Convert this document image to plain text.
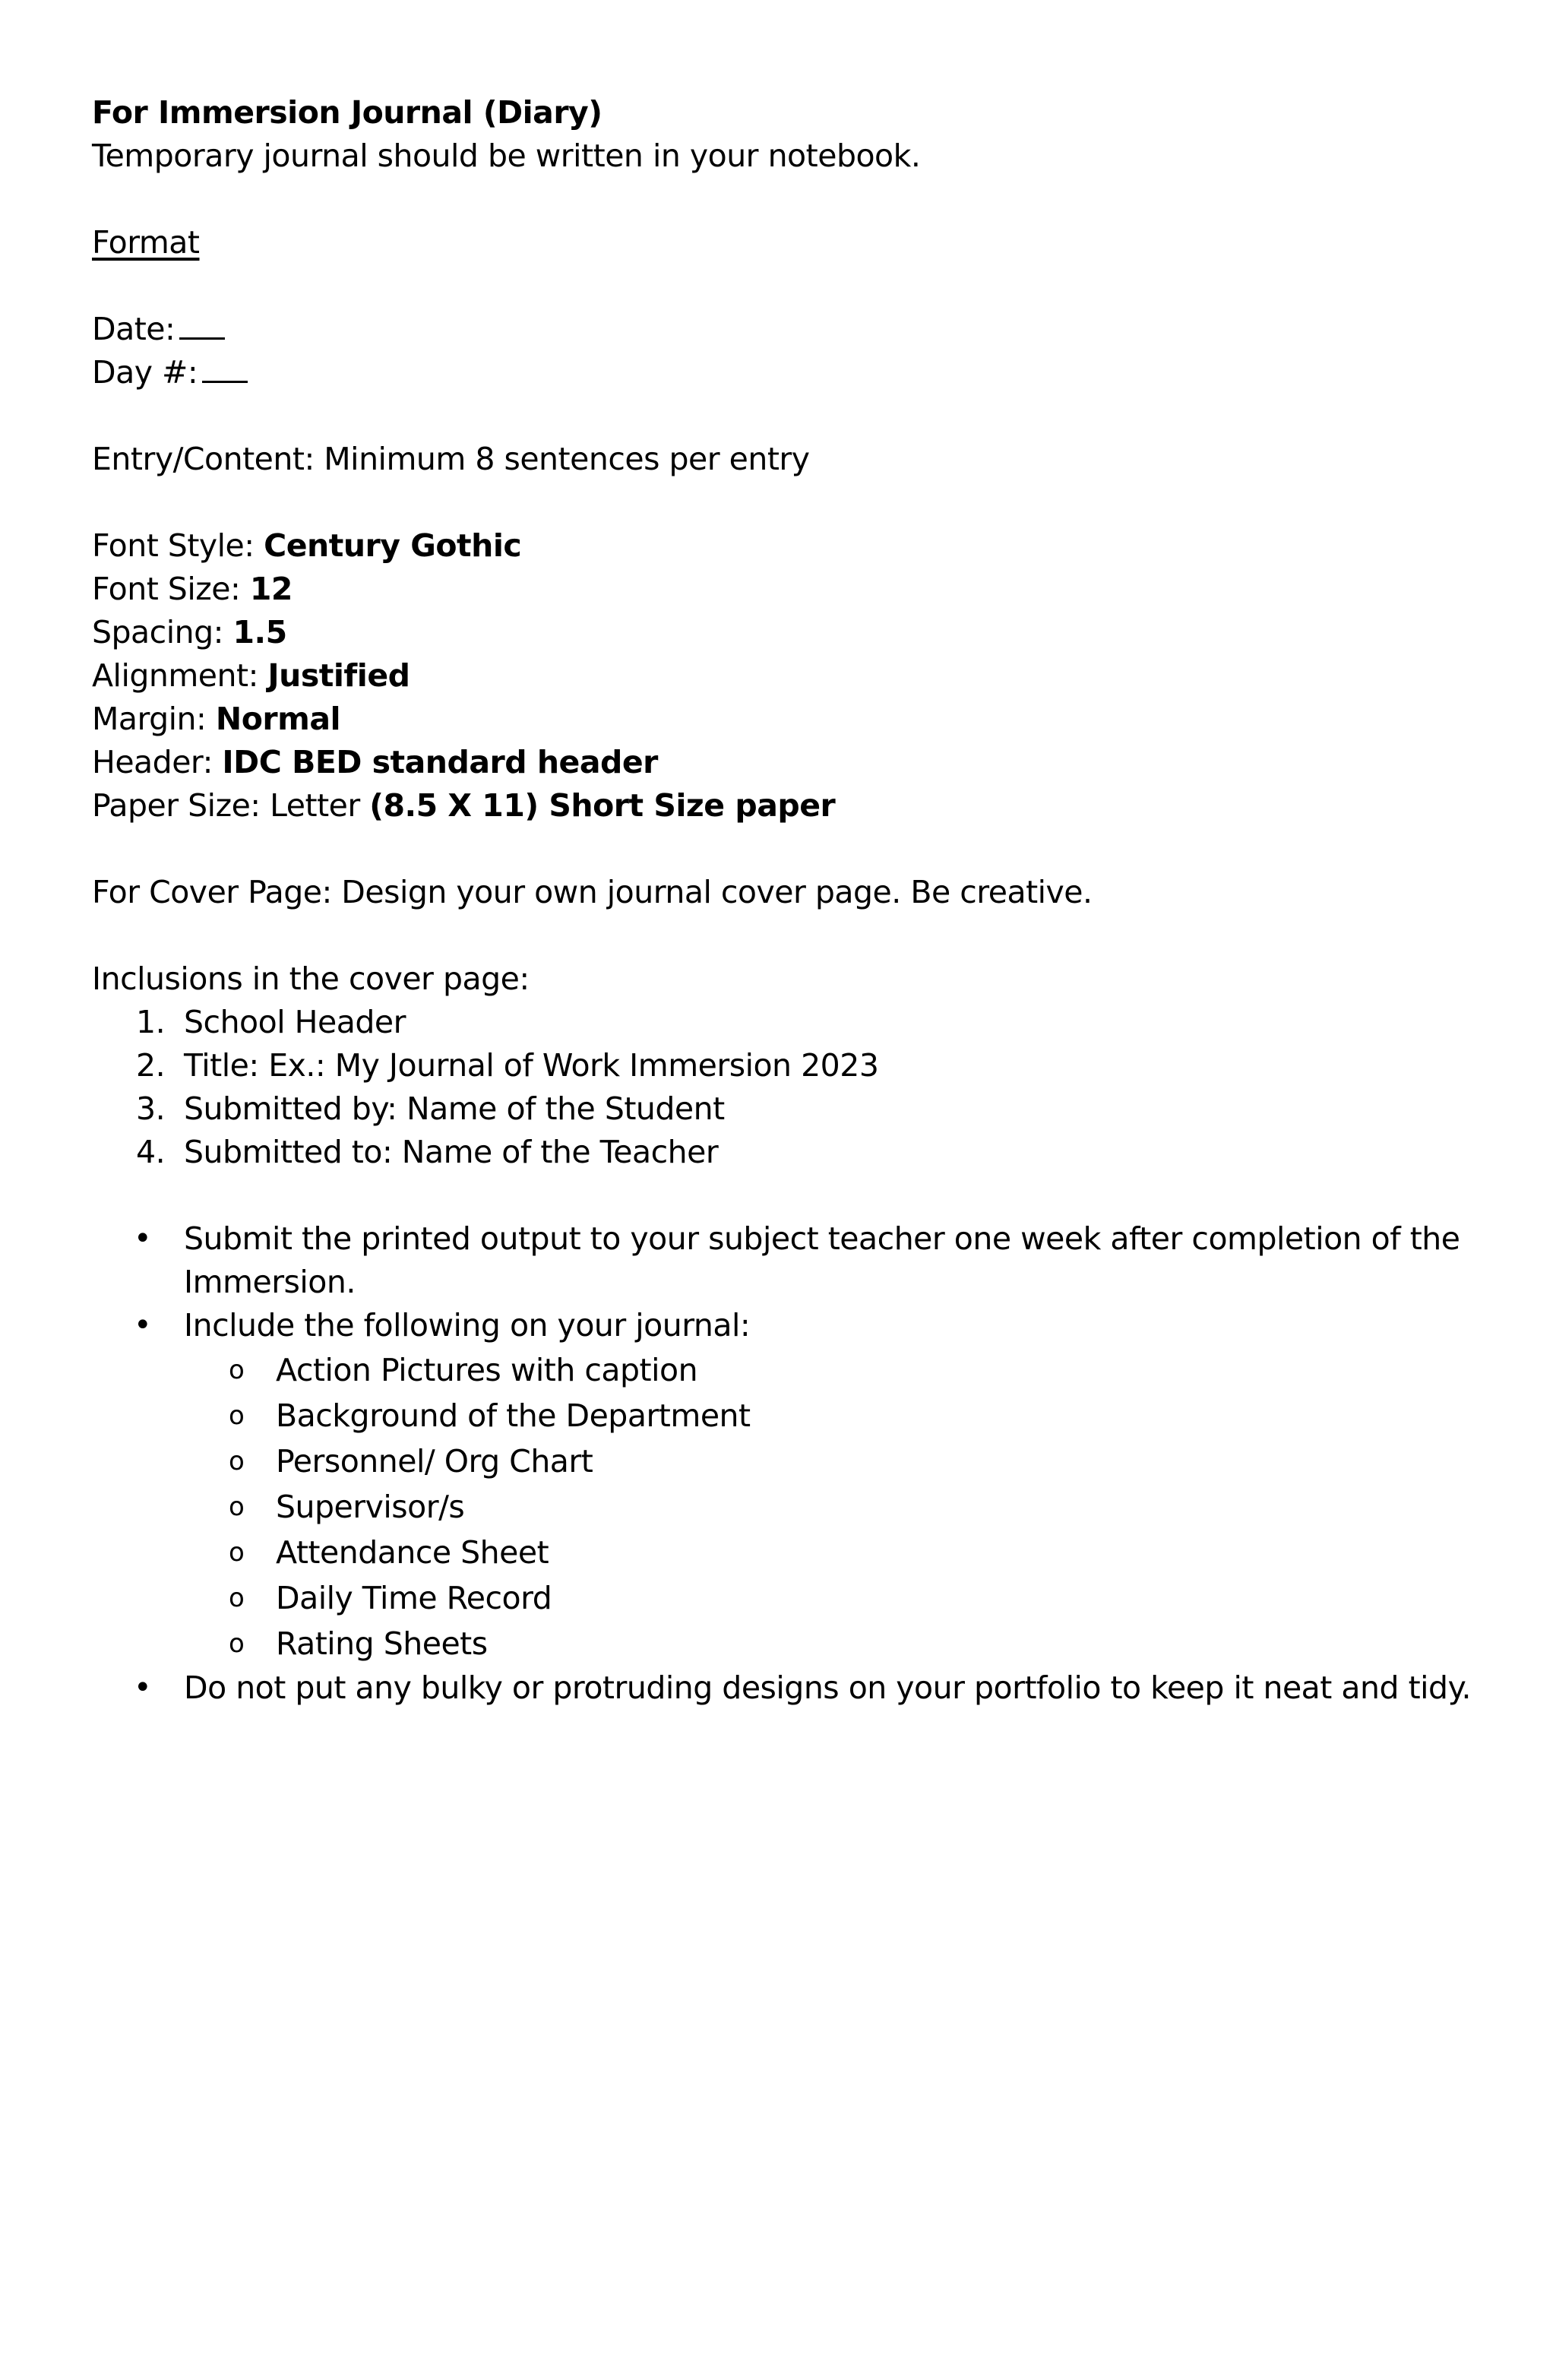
For Immersion Journal (Diary)
Temporary journal should be written in your notebook.
Format
Date:
Day #:
Entry/Content: Minimum 8 sentences per entry
Font Style: Century Gothic
Font Size: 12
Spacing: 1.5
Alignment: Justified
Margin: Normal
Header: IDC BED standard header
Paper Size: Letter (8.5 X 11) Short Size paper
For Cover Page: Design your own journal cover page. Be creative.
Inclusions in the cover page:
1. School Header
2. Title: Ex.: My Journal of Work Immersion 2023
3. Submitted by: Name of the Student
4. Submitted to: Name of the Teacher
•	Submit the printed output to your subject teacher one week after completion of the Immersion.
•	Include the following on your journal:
o	Action Pictures with caption
o	Background of the Department
o	Personnel/ Org Chart
o	Supervisor/s
o	Attendance Sheet
o	Daily Time Record
o	Rating Sheets
•	Do not put any bulky or protruding designs on your portfolio to keep it neat and tidy.
